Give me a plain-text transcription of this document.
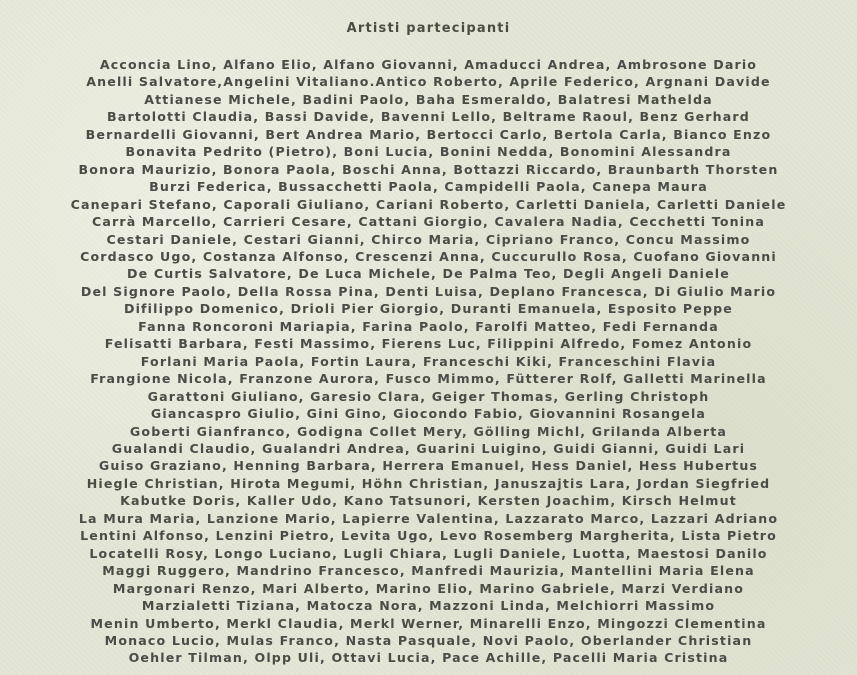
Artisti partecipanti
Acconcia Lino, Alfano Elio, Alfano Giovanni, Amaducci Andrea, Ambrosone Dario
Anelli Salvatore,Angelini Vitaliano.Antico Roberto, Aprile Federico, Argnani Davide
Attianese Michele, Badini Paolo, Baha Esmeraldo, Balatresi Mathelda
Bartolotti Claudia, Bassi Davide, Bavenni Lello, Beltrame Raoul, Benz Gerhard
Bernardelli Giovanni, Bert Andrea Mario, Bertocci Carlo, Bertola Carla, Bianco Enzo
Bonavita Pedrito (Pietro), Boni Lucia, Bonini Nedda, Bonomini Alessandra
Bonora Maurizio, Bonora Paola, Boschi Anna, Bottazzi Riccardo, Braunbarth Thorsten
Burzi Federica, Bussacchetti Paola, Campidelli Paola, Canepa Maura
Canepari Stefano, Caporali Giuliano, Cariani Roberto, Carletti Daniela, Carletti Daniele
Carrà Marcello, Carrieri Cesare, Cattani Giorgio, Cavalera Nadia, Cecchetti Tonina
Cestari Daniele, Cestari Gianni, Chirco Maria, Cipriano Franco, Concu Massimo
Cordasco Ugo, Costanza Alfonso, Crescenzi Anna, Cuccurullo Rosa, Cuofano Giovanni
De Curtis Salvatore, De Luca Michele, De Palma Teo, Degli Angeli Daniele
Del Signore Paolo, Della Rossa Pina, Denti Luisa, Deplano Francesca, Di Giulio Mario
Difilippo Domenico, Drioli Pier Giorgio, Duranti Emanuela, Esposito Peppe
Fanna Roncoroni Mariapia, Farina Paolo, Farolfi Matteo, Fedi Fernanda
Felisatti Barbara, Festi Massimo, Fierens Luc, Filippini Alfredo, Fomez Antonio
Forlani Maria Paola, Fortin Laura, Franceschi Kiki, Franceschini Flavia
Frangione Nicola, Franzone Aurora, Fusco Mimmo, Fütterer Rolf, Galletti Marinella
Garattoni Giuliano, Garesio Clara, Geiger Thomas, Gerling Christoph
Giancaspro Giulio, Gini Gino, Giocondo Fabio, Giovannini Rosangela
Goberti Gianfranco, Godigna Collet Mery, Gölling Michl, Grilanda Alberta
Gualandi Claudio, Gualandri Andrea, Guarini Luigino, Guidi Gianni, Guidi Lari
Guiso Graziano, Henning Barbara, Herrera Emanuel, Hess Daniel, Hess Hubertus
Hiegle Christian, Hirota Megumi, Höhn Christian, Januszajtis Lara, Jordan Siegfried
Kabutke Doris, Kaller Udo, Kano Tatsunori, Kersten Joachim, Kirsch Helmut
La Mura Maria, Lanzione Mario, Lapierre Valentina, Lazzarato Marco, Lazzari Adriano
Lentini Alfonso, Lenzini Pietro, Levita Ugo, Levo Rosemberg Margherita, Lista Pietro
Locatelli Rosy, Longo Luciano, Lugli Chiara, Lugli Daniele, Luotta, Maestosi Danilo
Maggi Ruggero, Mandrino Francesco, Manfredi Maurizia, Mantellini Maria Elena
Margonari Renzo, Mari Alberto, Marino Elio, Marino Gabriele, Marzi Verdiano
Marzialetti Tiziana, Matocza Nora, Mazzoni Linda, Melchiorri Massimo
Menin Umberto, Merkl Claudia, Merkl Werner, Minarelli Enzo, Mingozzi Clementina
Monaco Lucio, Mulas Franco, Nasta Pasquale, Novi Paolo, Oberlander Christian
Oehler Tilman, Olpp Uli, Ottavi Lucia, Pace Achille, Pacelli Maria Cristina
